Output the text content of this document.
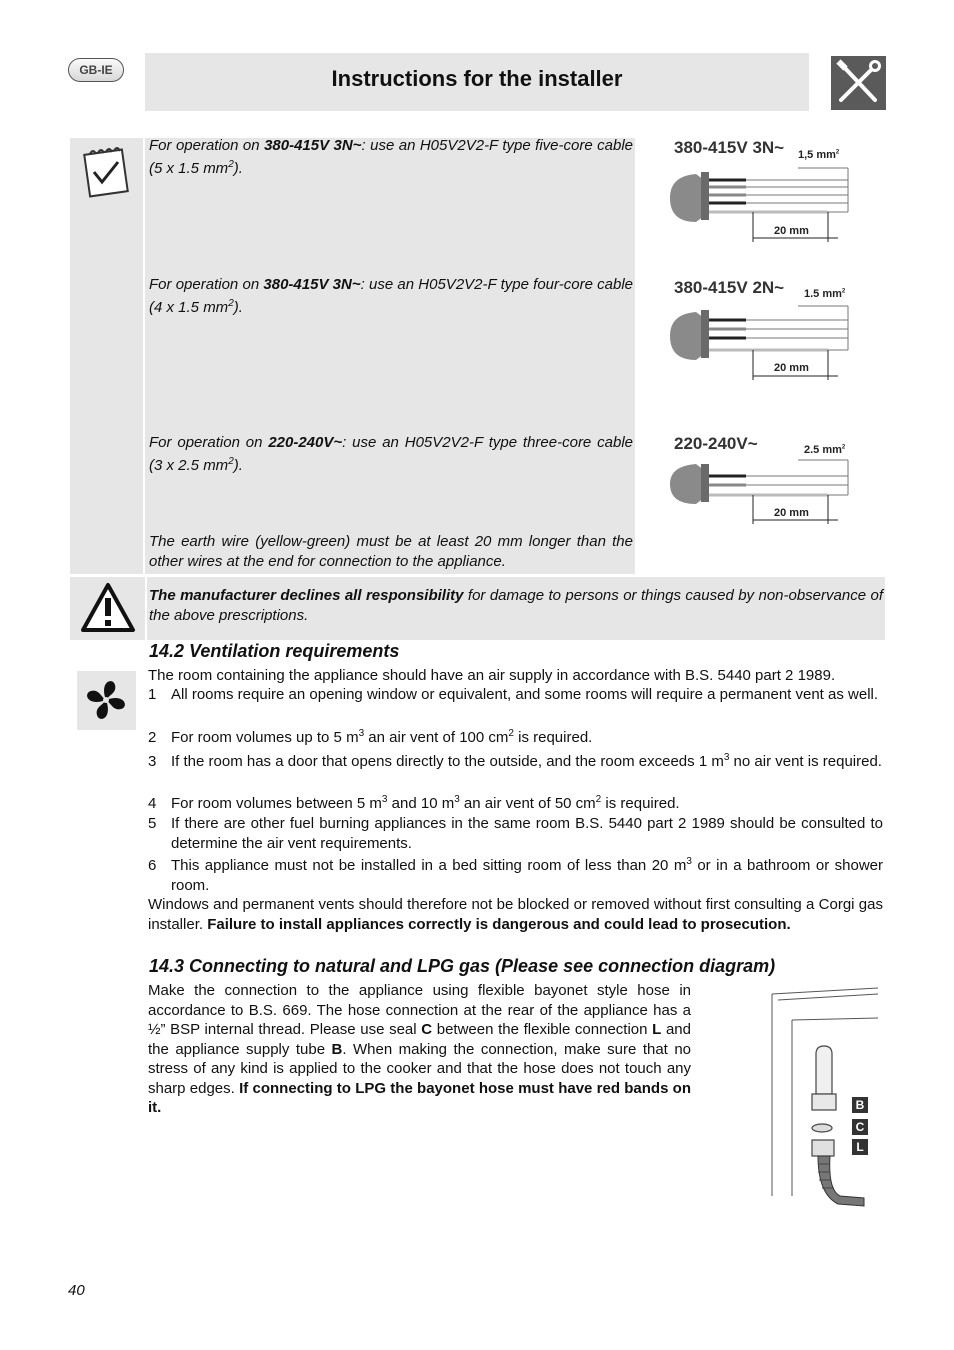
GB-IE	Instructions for the installer
For operation on 380-415V 3N~: use an H05V2V2-F type five-core cable (5 x 1.5 $mm^2$).
For operation on 380-415V 3N~: use an H05V2V2-F type four-core cable (4 x 1.5 $mm^2$).
For operation on 220-240V~: use an H05V2V2-F type three-core cable (3 x 2.5 $mm^2$).
The earth wire (yellow-green) must be at least 20 mm longer than the other wires at the end for connection to the appliance.
380-415V 3N~ 1,5 $mm^2$
20 mm
380-415V 2N~ 1.5 $mm^2$
20 mm
220-240V~	2.5 $mm^2$
20 mm
The manufacturer declines all responsibility for damage to persons or things caused by non-observance of the above prescriptions.
14.2 Ventilation requirements
The room containing the appliance should have an air supply in accordance with B.S. 5440 part 2 1989.
1 All rooms require an opening window or equivalent, and some rooms will require a permanent vent as well.
2 For room volumes up to 5 $m^3$ an air vent of 100 $cm^2$ is required.
3 If the room has a door that opens directly to the outside, and the room exceeds 1 $m^3$ no air vent is required.
4 For room volumes between 5 $m^3$ and 10 $m^3$ an air vent of 50 $cm^2$ is required.
5 If there are other fuel burning appliances in the same room B.S. 5440 part 2 1989 should be consulted to determine the air vent requirements.
6 This appliance must not be installed in a bed sitting room of less than 20 $m^3$ or in a bathroom or shower room.
Windows and permanent vents should therefore not be blocked or removed without first consulting a Corgi gas installer. Failure to install appliances correctly is dangerous and could lead to prosecution.
14.3 Connecting to natural and LPG gas (Please see connection diagram)
Make the connection to the appliance using flexible bayonet style hose in accordance to B.S. 669. The hose connection at the rear of the appliance has a ½” BSP internal thread. Please use seal C between the flexible connection L and the appliance supply tube B. When making the connection, make sure that no stress of any kind is applied to the cooker and that the hose does not touch any sharp edges. If connecting to LPG the bayonet hose must have red bands on it.	B
C
L
40
